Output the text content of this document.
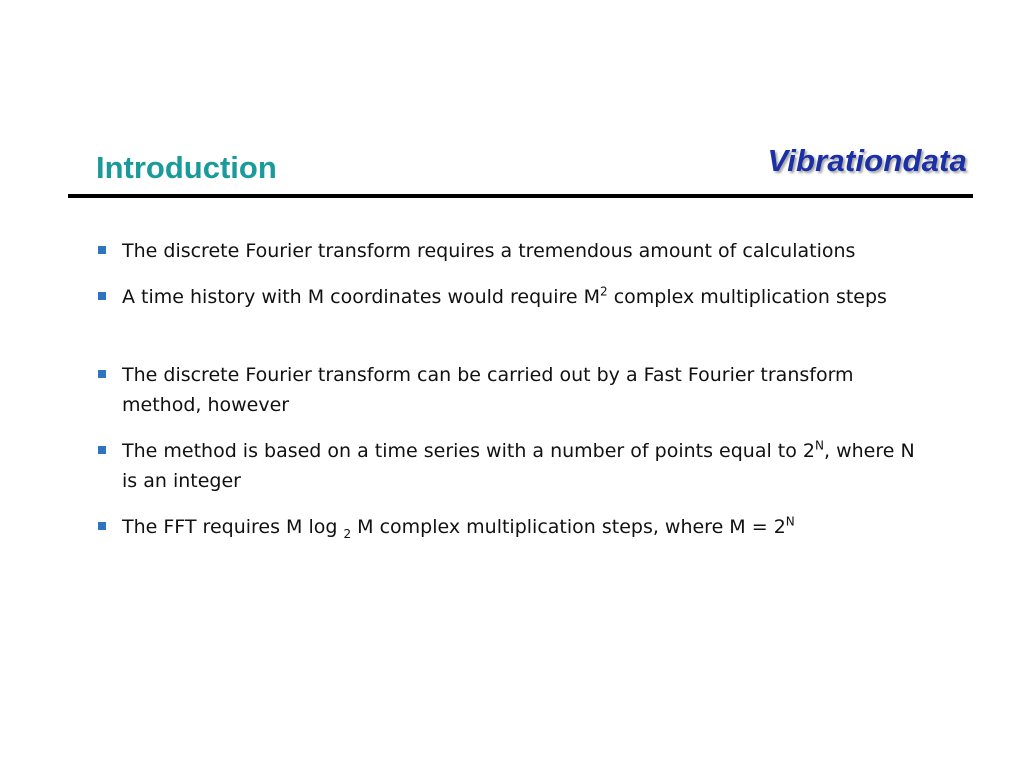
Introduction	Vibrationdata
The discrete Fourier transform requires a tremendous amount of calculations
A time history with M coordinates would require $M^2$ complex multiplication steps
The discrete Fourier transform can be carried out by a Fast Fourier transform method, however
The method is based on a time series with a number of points equal to $2^N$, where N is an integer
The FFT requires M log $_2$ M complex multiplication steps, where $M = 2^N$
